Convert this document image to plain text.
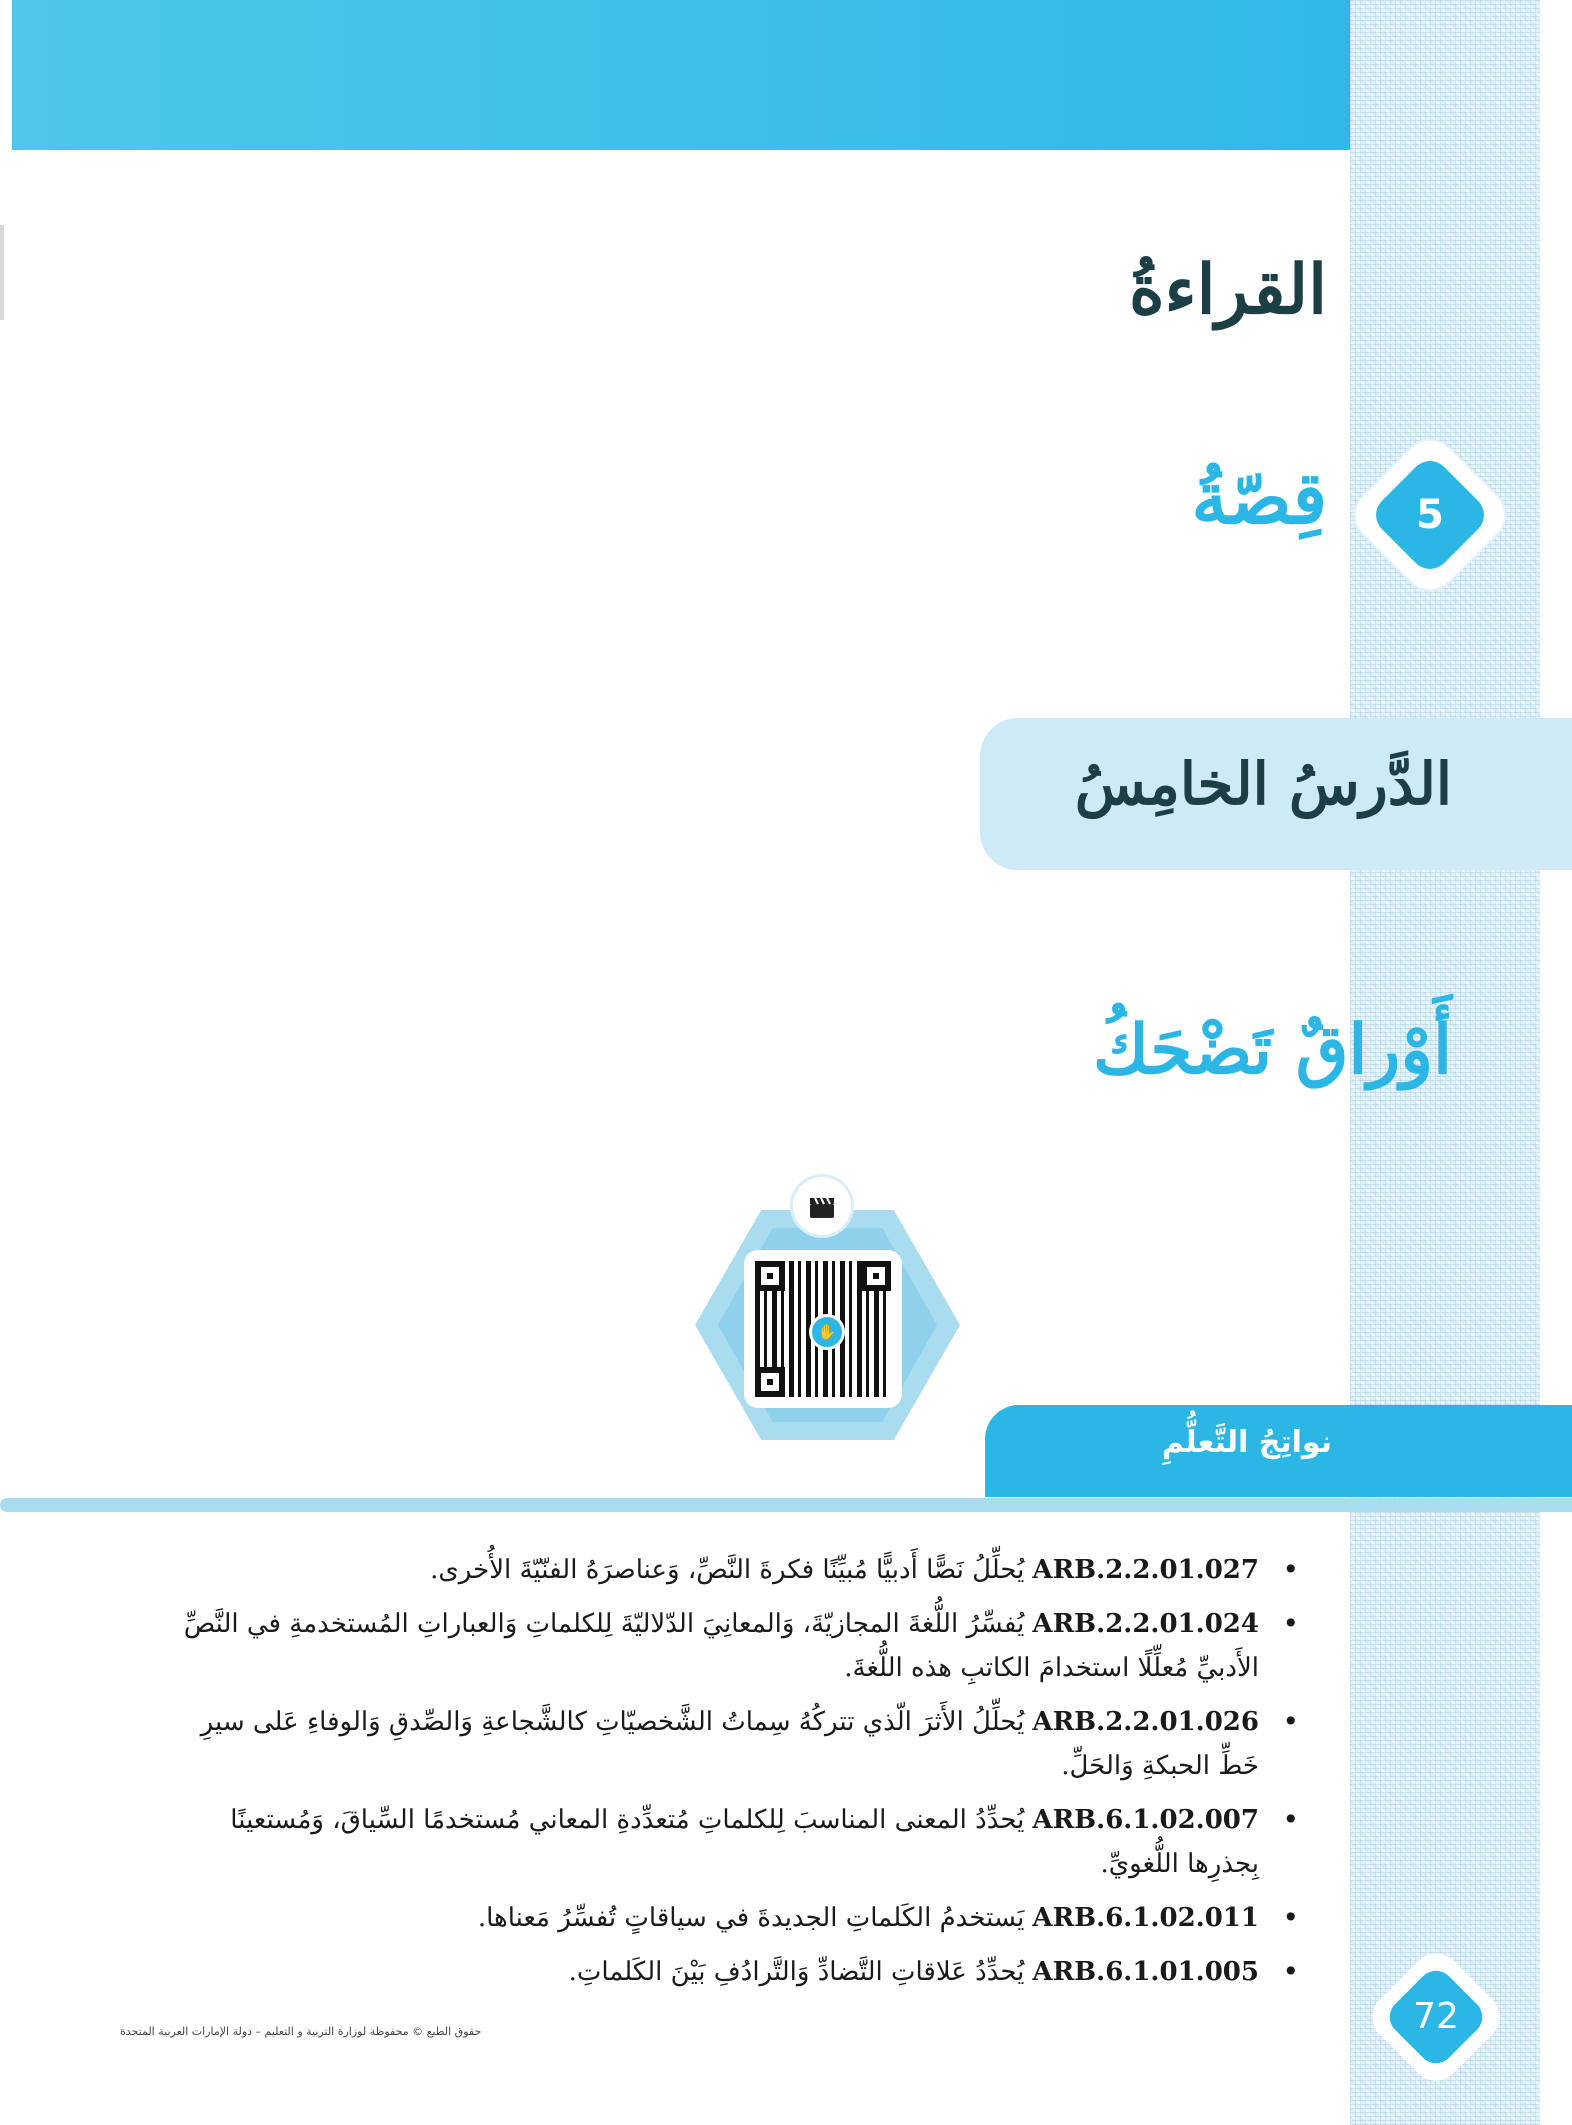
القراءةُ
5
قِصّةُ
الدَّرسُ الخامِسُ
أَوْراقٌ تَضْحَكُ
✋
نواتِجُ التَّعلُّمِ
• ARB.2.2.01.027يُحلِّلُ نَصًّا أَدبيًّا مُبيِّنًا فكرةَ النَّصِّ، وَعناصرَهُ الفنّيّةَ الأُخرى.
• ARB.2.2.01.024يُفسِّرُ اللُّغةَ المجازيّةَ، وَالمعانِيَ الدّلاليّةَ لِلكلماتِ وَالعباراتِ المُستخدمةِ في النَّصِّ الأَدبيِّ مُعلِّلًا استخدامَ الكاتبِ هذه اللُّغةَ.
• ARB.2.2.01.026يُحلِّلُ الأَثرَ الّذي تتركُهُ سِماتُ الشَّخصيّاتِ كالشَّجاعةِ وَالصِّدقِ وَالوفاءِ عَلى سيرِ خَطِّ الحبكةِ وَالحَلِّ.
• ARB.6.1.02.007يُحدِّدُ المعنى المناسبَ لِلكلماتِ مُتعدِّدةِ المعاني مُستخدمًا السِّياقَ، وَمُستعينًا بِجذرِها اللُّغويِّ.
• ARB.6.1.02.011يَستخدمُ الكَلماتِ الجديدةَ في سياقاتٍ تُفسِّرُ مَعناها.
• ARB.6.1.01.005يُحدِّدُ عَلاقاتِ التَّضادِّ وَالتَّرادُفِ بَيْنَ الكَلماتِ.
72

حقوق الطبع © محفوظة لوزارة التربية و التعليم – دولة الإمارات العربية المتحدة
